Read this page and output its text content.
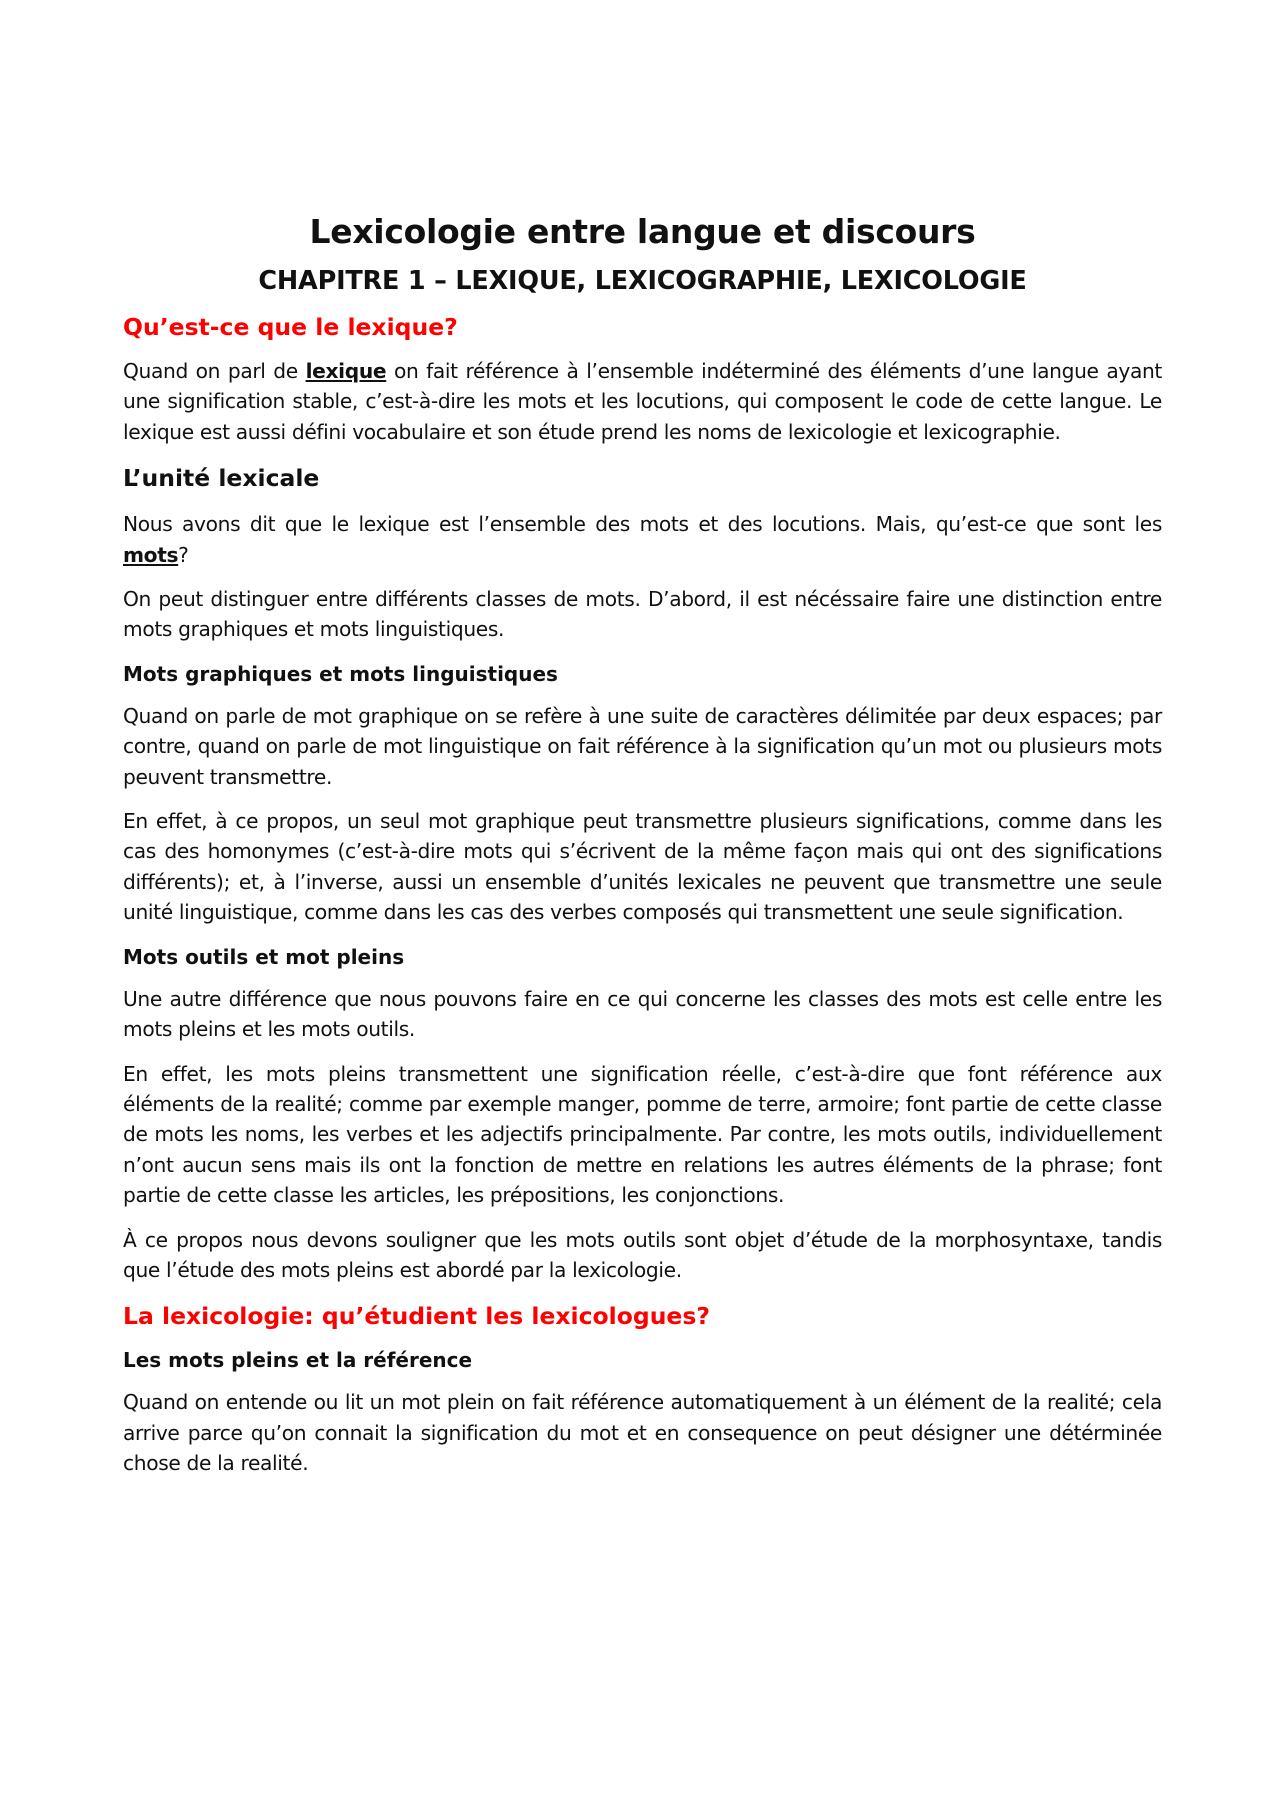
Lexicologie entre langue et discours
CHAPITRE 1 – LEXIQUE, LEXICOGRAPHIE, LEXICOLOGIE
Qu’est-ce que le lexique?

Quand on parl de lexique on fait référence à l’ensemble indéterminé des éléments d’une langue ayant une signification stable, c’est-à-dire les mots et les locutions, qui composent le code de cette langue. Le lexique est aussi défini vocabulaire et son étude prend les noms de lexicologie et lexicographie.

L’unité lexicale

Nous avons dit que le lexique est l’ensemble des mots et des locutions. Mais, qu’est-ce que sont les mots?

On peut distinguer entre différents classes de mots. D’abord, il est nécéssaire faire une distinction entre mots graphiques et mots linguistiques.

Mots graphiques et mots linguistiques

Quand on parle de mot graphique on se refère à une suite de caractères délimitée par deux espaces; par contre, quand on parle de mot linguistique on fait référence à la signification qu’un mot ou plusieurs mots peuvent transmettre.

En effet, à ce propos, un seul mot graphique peut transmettre plusieurs significations, comme dans les cas des homonymes (c’est-à-dire mots qui s’écrivent de la même façon mais qui ont des significations différents); et, à l’inverse, aussi un ensemble d’unités lexicales ne peuvent que transmettre une seule unité linguistique, comme dans les cas des verbes composés qui transmettent une seule signification.

Mots outils et mot pleins

Une autre différence que nous pouvons faire en ce qui concerne les classes des mots est celle entre les mots pleins et les mots outils.

En effet, les mots pleins transmettent une signification réelle, c’est-à-dire que font référence aux éléments de la realité; comme par exemple manger, pomme de terre, armoire; font partie de cette classe de mots les noms, les verbes et les adjectifs principalmente. Par contre, les mots outils, individuellement n’ont aucun sens mais ils ont la fonction de mettre en relations les autres éléments de la phrase; font partie de cette classe les articles, les prépositions, les conjonctions.

À ce propos nous devons souligner que les mots outils sont objet d’étude de la morphosyntaxe, tandis que l’étude des mots pleins est abordé par la lexicologie.

La lexicologie: qu’étudient les lexicologues?
Les mots pleins et la référence

Quand on entende ou lit un mot plein on fait référence automatiquement à un élément de la realité; cela arrive parce qu’on connait la signification du mot et en consequence on peut désigner une détérminée chose de la realité.
